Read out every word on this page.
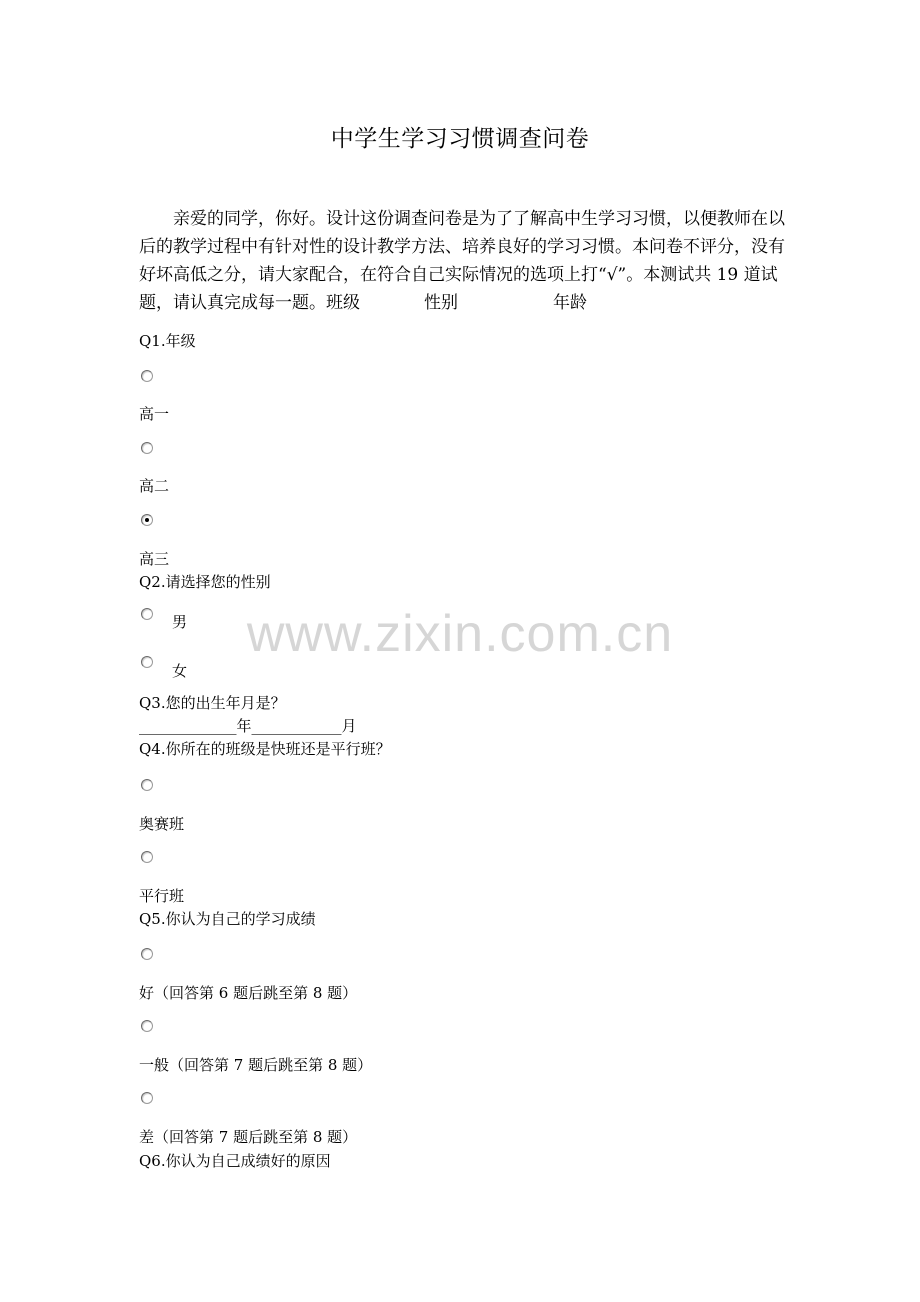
中学生学习习惯调查问卷

亲爱的同学，你好。设计这份调查问卷是为了了解高中生学习习惯，以便教师在以后的教学过程中有针对性的设计教学方法、培养良好的学习习惯。本问卷不评分，没有好坏高低之分，请大家配合，在符合自己实际情况的选项上打“√”。本测试共 19 道试题，请认真完成每一题。班级	性别	年龄

Q1.年级
高一
高二
高三
Q2.请选择您的性别
男
女
Q3.您的出生年月是？
_____________年____________月
Q4.你所在的班级是快班还是平行班？
奥赛班
平行班
Q5.你认为自己的学习成绩
好（回答第 6 题后跳至第 8 题）
一般（回答第 7 题后跳至第 8 题）
差（回答第 7 题后跳至第 8 题）
Q6.你认为自己成绩好的原因
www.zixin.com.cn
